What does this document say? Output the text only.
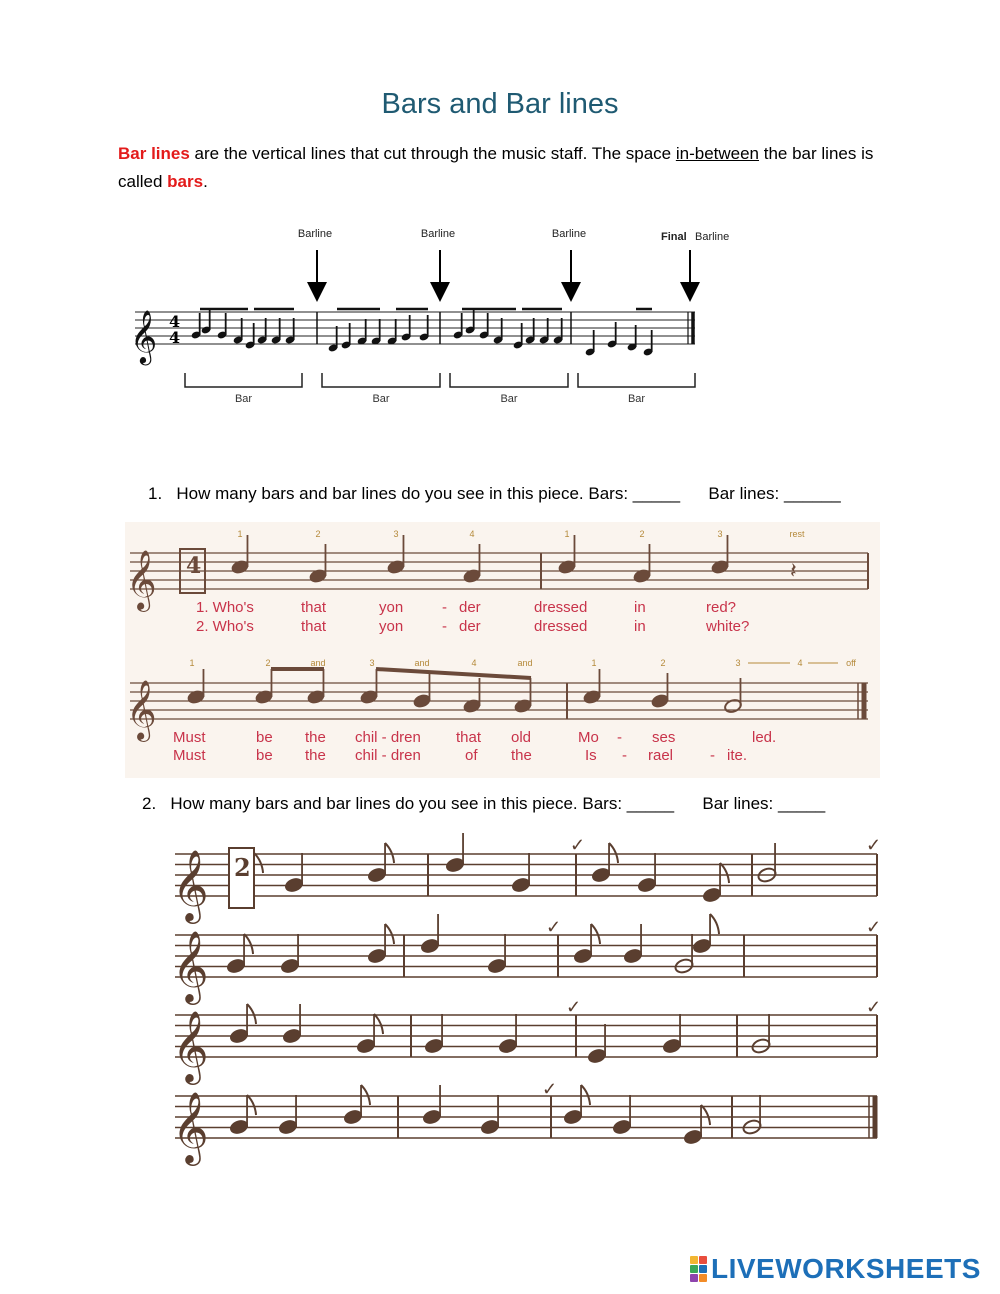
Bars and Bar lines
Bar lines are the vertical lines that cut through the music staff. The space in-between the bar lines is called bars.
1. How many bars and bar lines do you see in this piece. Bars: _____ Bar lines: ______
2. How many bars and bar lines do you see in this piece. Bars: _____ Bar lines: _____
𝄞 4
4
Barline	Barline	Barline	Final Barline
Bar	Bar	Bar	Bar
𝄞 4	𝄽
1	2	3	4	1	2	3	rest
1. Who's	that	yon	- der	dressed	in	red?
2. Who's	that	yon	- der	dressed	in	white?
𝄞
1	2	and	3	and	4	and	1	2	3	4	off
Must	be the chil - dren that old	Mo - ses	led.
Must	be the chil - dren	of the	Is - rael - ite.
𝄞
𝄞
𝄞
𝄞
2
✓
✓
✓
✓
✓
✓
✓
LIVEWORKSHEETS
